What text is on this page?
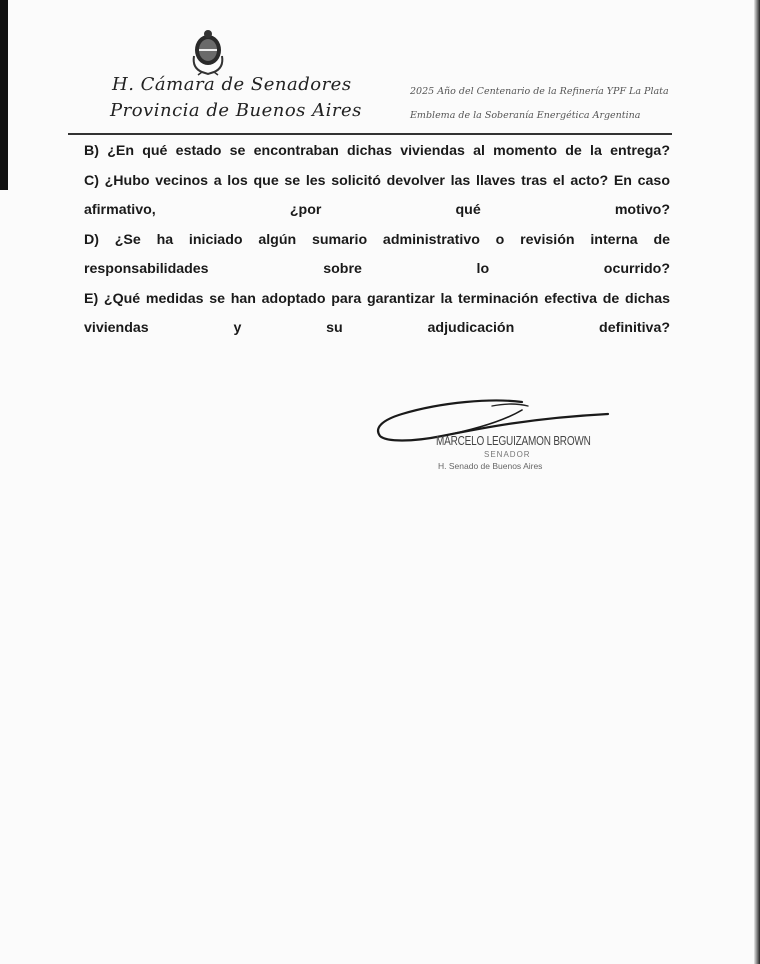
H. Cámara de Senadores
Provincia de Buenos Aires
2025 Año del Centenario de la Refinería YPF La Plata
Emblema de la Soberanía Energética Argentina

B) ¿En qué estado se encontraban dichas viviendas al momento de la entrega?

C) ¿Hubo vecinos a los que se les solicitó devolver las llaves tras el acto? En caso

afirmativo, ¿por qué motivo?

D) ¿Se ha iniciado algún sumario administrativo o revisión interna de

responsabilidades sobre lo ocurrido?

E) ¿Qué medidas se han adoptado para garantizar la terminación efectiva de dichas

viviendas y su adjudicación definitiva?

MARCELO LEGUIZAMON BROWN
SENADOR
H. Senado de Buenos Aires
